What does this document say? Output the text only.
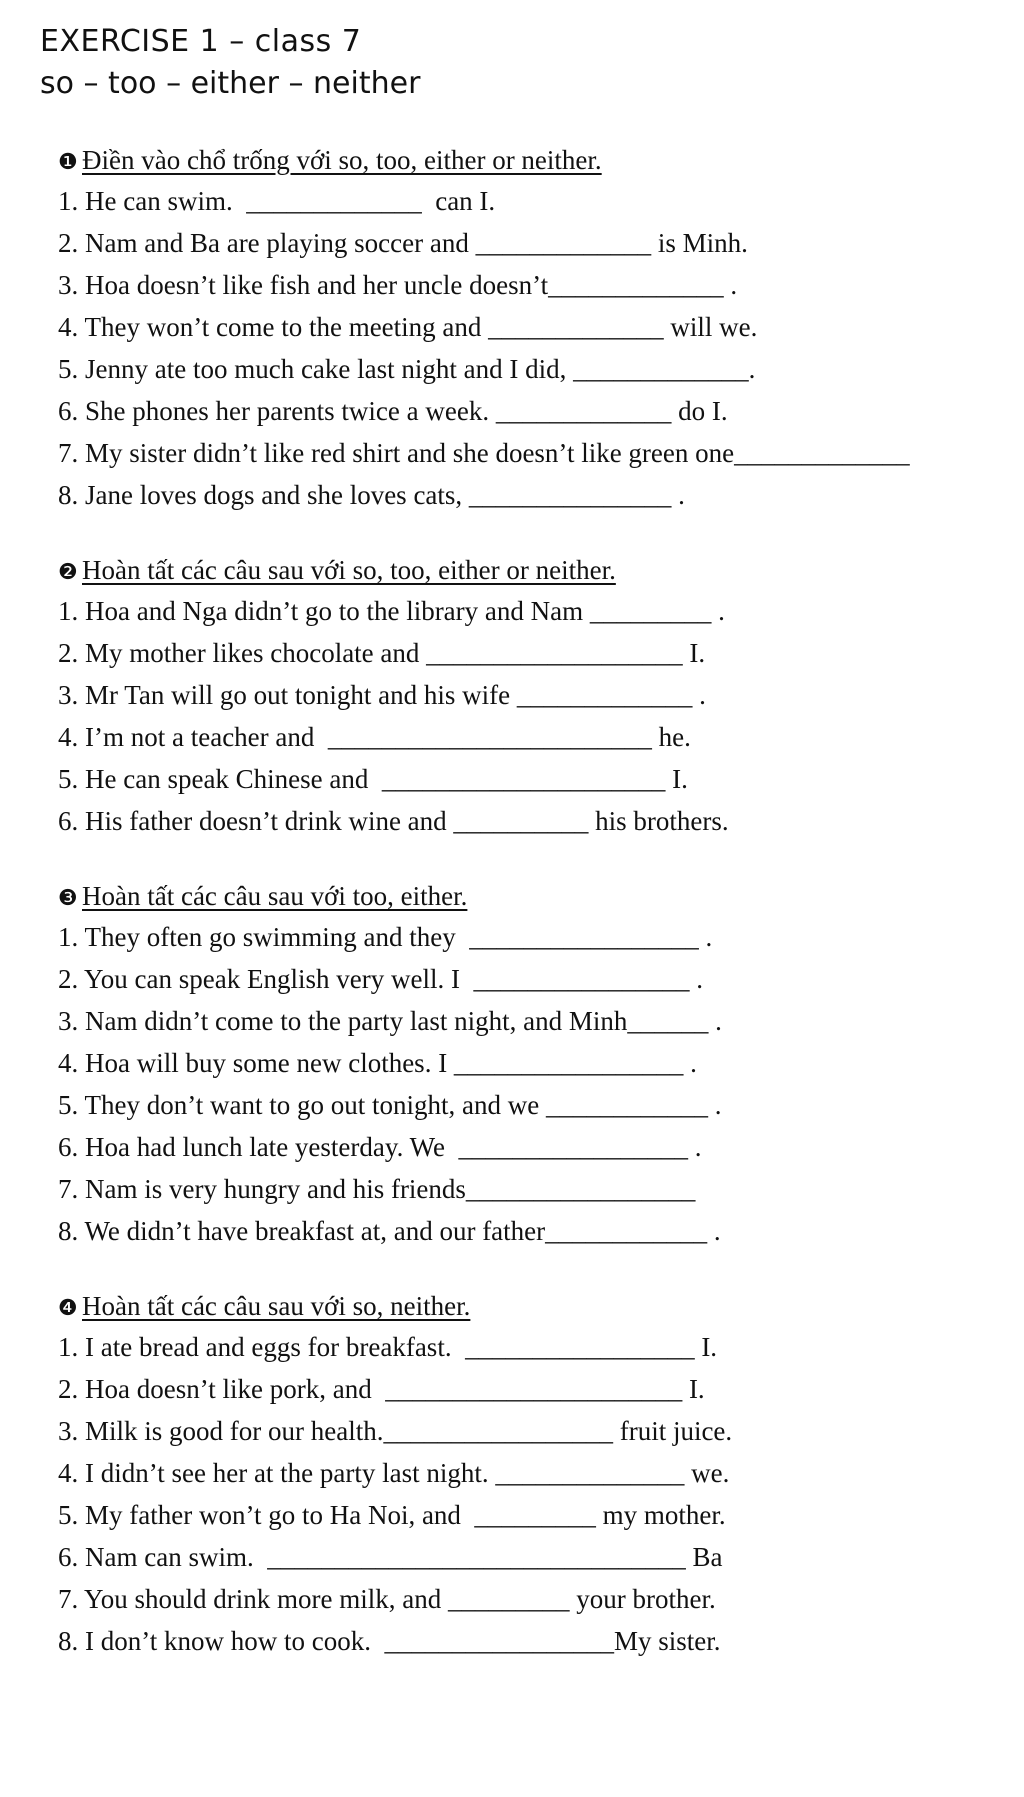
EXERCISE 1 – class 7
so – too – either – neither
❶ Điền vào chổ trống với so, too, either or neither.
1. He can swim.  _____________  can I.
2. Nam and Ba are playing soccer and _____________ is Minh.
3. Hoa doesn’t like fish and her uncle doesn’t_____________ .
4. They won’t come to the meeting and _____________ will we.
5. Jenny ate too much cake last night and I did, _____________.
6. She phones her parents twice a week. _____________ do I.
7. My sister didn’t like red shirt and she doesn’t like green one_____________
8. Jane loves dogs and she loves cats, _______________ .
❷ Hoàn tất các câu sau với so, too, either or neither.
1. Hoa and Nga didn’t go to the library and Nam _________ .
2. My mother likes chocolate and ___________________ I.
3. Mr Tan will go out tonight and his wife _____________ .
4. I’m not a teacher and  ________________________ he.
5. He can speak Chinese and  _____________________ I.
6. His father doesn’t drink wine and __________ his brothers.
❸ Hoàn tất các câu sau với too, either.
1. They often go swimming and they  _________________ .
2. You can speak English very well. I  ________________ .
3. Nam didn’t come to the party last night, and Minh______ .
4. Hoa will buy some new clothes. I _________________ .
5. They don’t want to go out tonight, and we ____________ .
6. Hoa had lunch late yesterday. We  _________________ .
7. Nam is very hungry and his friends_________________
8. We didn’t have breakfast at, and our father____________ .
❹ Hoàn tất các câu sau với so, neither.
1. I ate bread and eggs for breakfast.  _________________ I.
2. Hoa doesn’t like pork, and  ______________________ I.
3. Milk is good for our health._________________ fruit juice.
4. I didn’t see her at the party last night. ______________ we.
5. My father won’t go to Ha Noi, and  _________ my mother.
6. Nam can swim.  _______________________________ Ba
7. You should drink more milk, and _________ your brother.
8. I don’t know how to cook.  _________________My sister.
